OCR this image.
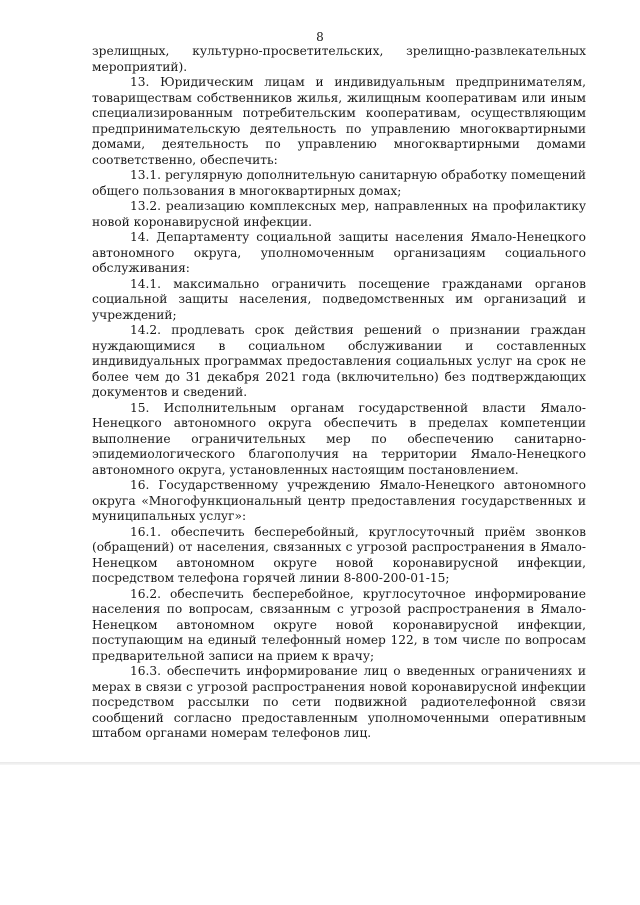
8

зрелищных, культурно-просветительских, зрелищно-развлекательных мероприятий).

13. Юридическим лицам и индивидуальным предпринимателям, товариществам собственников жилья, жилищным кооперативам или иным специализированным потребительским кооперативам, осуществляющим предпринимательскую деятельность по управлению многоквартирными домами, деятельность по управлению многоквартирными домами соответственно, обеспечить:

13.1. регулярную дополнительную санитарную обработку помещений общего пользования в многоквартирных домах;

13.2. реализацию комплексных мер, направленных на профилактику новой коронавирусной инфекции.

14. Департаменту социальной защиты населения Ямало-Ненецкого автономного округа, уполномоченным организациям социального обслуживания:

14.1. максимально ограничить посещение гражданами органов социальной защиты населения, подведомственных им организаций и учреждений;

14.2. продлевать срок действия решений о признании граждан нуждающимися в социальном обслуживании и составленных индивидуальных программах предоставления социальных услуг на срок не более чем до 31 декабря 2021 года (включительно) без подтверждающих документов и сведений.

15. Исполнительным органам государственной власти Ямало-Ненецкого автономного округа обеспечить в пределах компетенции выполнение ограничительных мер по обеспечению санитарно-эпидемиологического благополучия на территории Ямало-Ненецкого автономного округа, установленных настоящим постановлением.

16. Государственному учреждению Ямало-Ненецкого автономного округа «Многофункциональный центр предоставления государственных и муниципальных услуг»:

16.1. обеспечить бесперебойный, круглосуточный приём звонков (обращений) от населения, связанных с угрозой распространения в Ямало-Ненецком автономном округе новой коронавирусной инфекции, посредством телефона горячей линии 8-800-200-01-15;

16.2. обеспечить бесперебойное, круглосуточное информирование населения по вопросам, связанным с угрозой распространения в Ямало-Ненецком автономном округе новой коронавирусной инфекции, поступающим на единый телефонный номер 122, в том числе по вопросам предварительной записи на прием к врачу;

16.3. обеспечить информирование лиц о введенных ограничениях и мерах в связи с угрозой распространения новой коронавирусной инфекции посредством рассылки по сети подвижной радиотелефонной связи сообщений согласно предоставленным уполномоченными оперативным штабом органами номерам телефонов лиц.
